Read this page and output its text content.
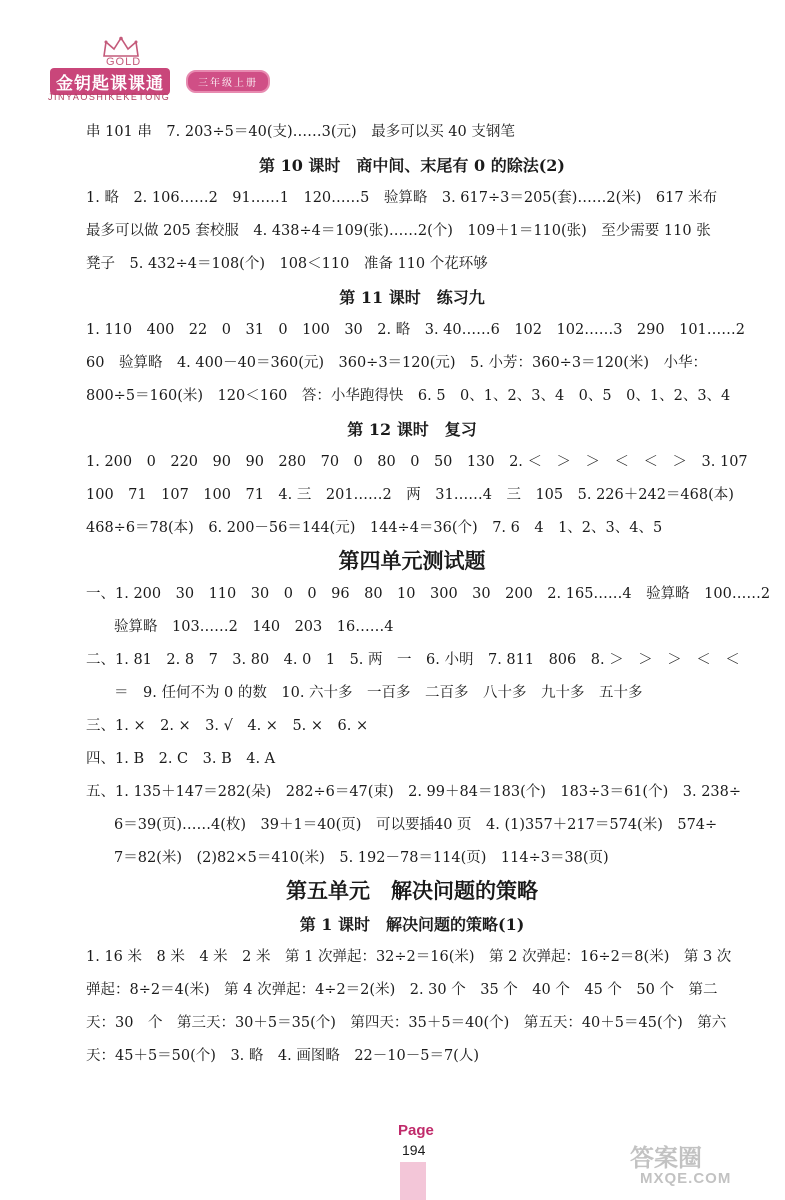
GOLD
金钥匙课课通
JINYAOSHIKEKETONG
三年级上册
串 101 串　7. 203÷5＝40(支)……3(元)　最多可以买 40 支钢笔
第 10 课时　商中间、末尾有 0 的除法(2)
1. 略　2. 106……2　91……1　120……5　验算略　3. 617÷3＝205(套)……2(米)　617 米布
最多可以做 205 套校服　4. 438÷4＝109(张)……2(个)　109＋1＝110(张)　至少需要 110 张
凳子　5. 432÷4＝108(个)　108＜110　准备 110 个花环够
第 11 课时　练习九
1. 110　400　22　0　31　0　100　30　2. 略　3. 40……6　102　102……3　290　101……2
60　验算略　4. 400－40＝360(元)　360÷3＝120(元)　5. 小芳：360÷3＝120(米)　小华：
800÷5＝160(米)　120＜160　答：小华跑得快　6. 5　0、1、2、3、4　0、5　0、1、2、3、4
第 12 课时　复习
1. 200　0　220　90　90　280　70　0　80　0　50　130　2. ＜　＞　＞　＜　＜　＞　3. 107
100　71　107　100　71　4. 三　201……2　两　31……4　三　105　5. 226＋242＝468(本)
468÷6＝78(本)　6. 200－56＝144(元)　144÷4＝36(个)　7. 6　4　1、2、3、4、5
第四单元测试题
一、1. 200　30　110　30　0　0　96　80　10　300　30　200　2. 165……4　验算略　100……2
验算略　103……2　140　203　16……4
二、1. 81　2. 8　7　3. 80　4. 0　1　5. 两　一　6. 小明　7. 811　806　8. ＞　＞　＞　＜　＜
＝　9. 任何不为 0 的数　10. 六十多　一百多　二百多　八十多　九十多　五十多
三、1. ×　2. ×　3. √　4. ×　5. ×　6. ×
四、1. B　2. C　3. B　4. A
五、1. 135＋147＝282(朵)　282÷6＝47(束)　2. 99＋84＝183(个)　183÷3＝61(个)　3. 238÷
6＝39(页)……4(枚)　39＋1＝40(页)　可以要插40 页　4. (1)357＋217＝574(米)　574÷
7＝82(米)　(2)82×5＝410(米)　5. 192－78＝114(页)　114÷3＝38(页)
第五单元　解决问题的策略
第 1 课时　解决问题的策略(1)
1. 16 米　8 米　4 米　2 米　第 1 次弹起：32÷2＝16(米)　第 2 次弹起：16÷2＝8(米)　第 3 次
弹起：8÷2＝4(米)　第 4 次弹起：4÷2＝2(米)　2. 30 个　35 个　40 个　45 个　50 个　第二
天：30　个　第三天：30＋5＝35(个)　第四天：35＋5＝40(个)　第五天：40＋5＝45(个)　第六
天：45＋5＝50(个)　3. 略　4. 画图略　22－10－5＝7(人)
Page
194	答案圈
MXQE.COM
